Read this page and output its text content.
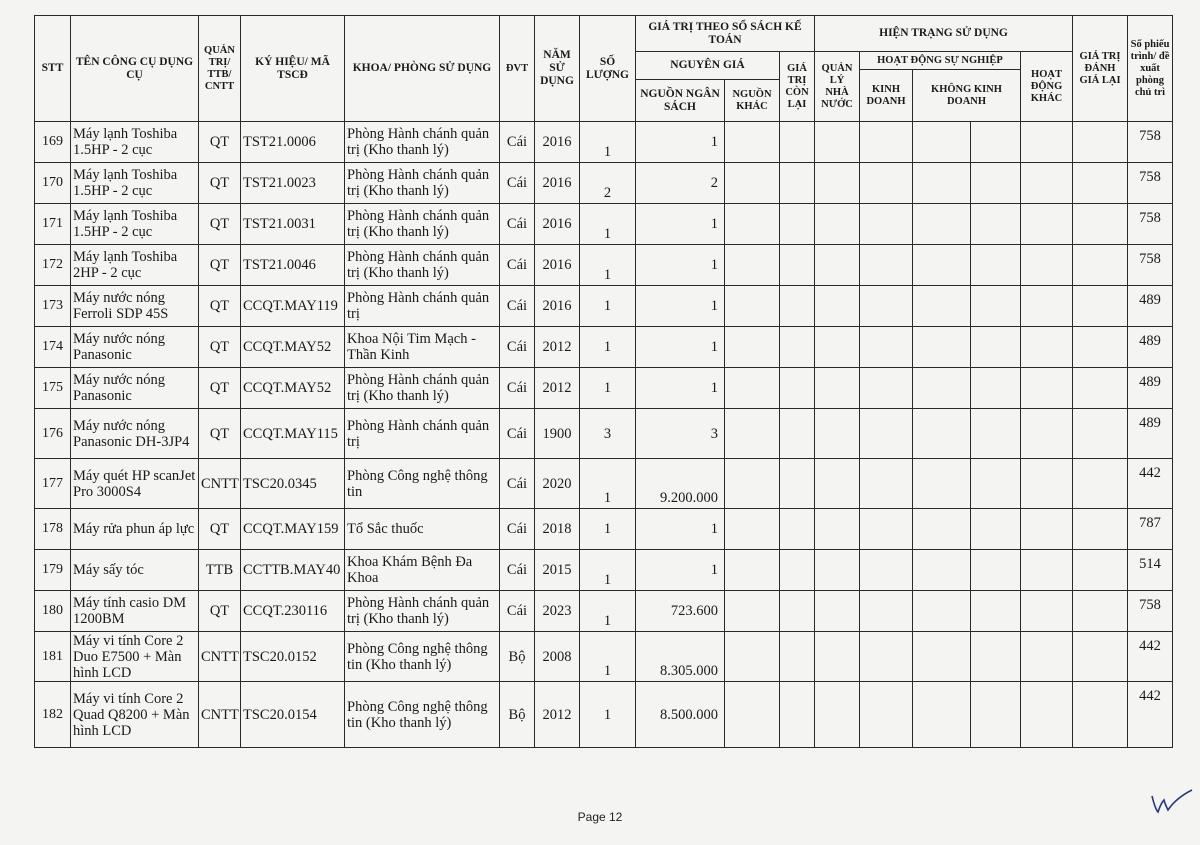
STT	TÊN CÔNG CỤ DỤNG CỤ	QUẢN TRỊ/ TTB/ CNTT	KÝ HIỆU/ MÃ TSCĐ	KHOA/ PHÒNG SỬ DỤNG	ĐVT	NĂM SỬ DỤNG	SỐ LƯỢNG	GIÁ TRỊ THEO SỔ SÁCH KẾ TOÁN			HIỆN TRẠNG SỬ DỤNG					GIÁ TRỊ ĐÁNH GIÁ LẠI	Số phiếu trình/ đề xuất phòng chủ trì	
								NGUYÊN GIÁ		GIÁ TRỊ CÒN LẠI	QUẢN LÝ NHÀ NƯỚC	HOẠT ĐỘNG SỰ NGHIỆP			HOẠT ĐỘNG KHÁC			
												KINH DOANH	KHÔNG KINH DOANH					
								NGUỒN NGÂN SÁCH	NGUỒN KHÁC									
169	Máy lạnh Toshiba 1.5HP - 2 cục	QT	TST21.0006	Phòng Hành chánh quản trị (Kho thanh lý)	Cái	2016	1	1									758	
170	Máy lạnh Toshiba 1.5HP - 2 cục	QT	TST21.0023	Phòng Hành chánh quản trị (Kho thanh lý)	Cái	2016	2	2									758	
171	Máy lạnh Toshiba 1.5HP - 2 cục	QT	TST21.0031	Phòng Hành chánh quản trị (Kho thanh lý)	Cái	2016	1	1									758	
172	Máy lạnh Toshiba 2HP - 2 cục	QT	TST21.0046	Phòng Hành chánh quản trị (Kho thanh lý)	Cái	2016	1	1									758	
173	Máy nước nóng Ferroli SDP 45S	QT	CCQT.MAY119	Phòng Hành chánh quản trị	Cái	2016	1	1									489	
174	Máy nước nóng Panasonic	QT	CCQT.MAY52	Khoa Nội Tim Mạch - Thần Kinh	Cái	2012	1	1									489	
175	Máy nước nóng Panasonic	QT	CCQT.MAY52	Phòng Hành chánh quản trị (Kho thanh lý)	Cái	2012	1	1									489	
176	Máy nước nóng Panasonic DH-3JP4	QT	CCQT.MAY115	Phòng Hành chánh quản trị	Cái	1900	3	3									489	
177	Máy quét HP scanJet Pro 3000S4	CNTT	TSC20.0345	Phòng Công nghệ thông tin	Cái	2020	1	9.200.000									442	
178	Máy rửa phun áp lực	QT	CCQT.MAY159	Tổ Sắc thuốc	Cái	2018	1	1									787	
179	Máy sấy tóc	TTB	CCTTB.MAY40	Khoa Khám Bệnh Đa Khoa	Cái	2015	1	1									514	
180	Máy tính casio DM 1200BM	QT	CCQT.230116	Phòng Hành chánh quản trị (Kho thanh lý)	Cái	2023	1	723.600									758	
181	Máy vi tính Core 2 Duo E7500 + Màn hình LCD	CNTT	TSC20.0152	Phòng Công nghệ thông tin (Kho thanh lý)	Bộ	2008	1	8.305.000									442	
182	Máy vi tính Core 2 Quad Q8200 + Màn hình LCD	CNTT	TSC20.0154	Phòng Công nghệ thông tin (Kho thanh lý)	Bộ	2012	1	8.500.000									442	
Page 12
